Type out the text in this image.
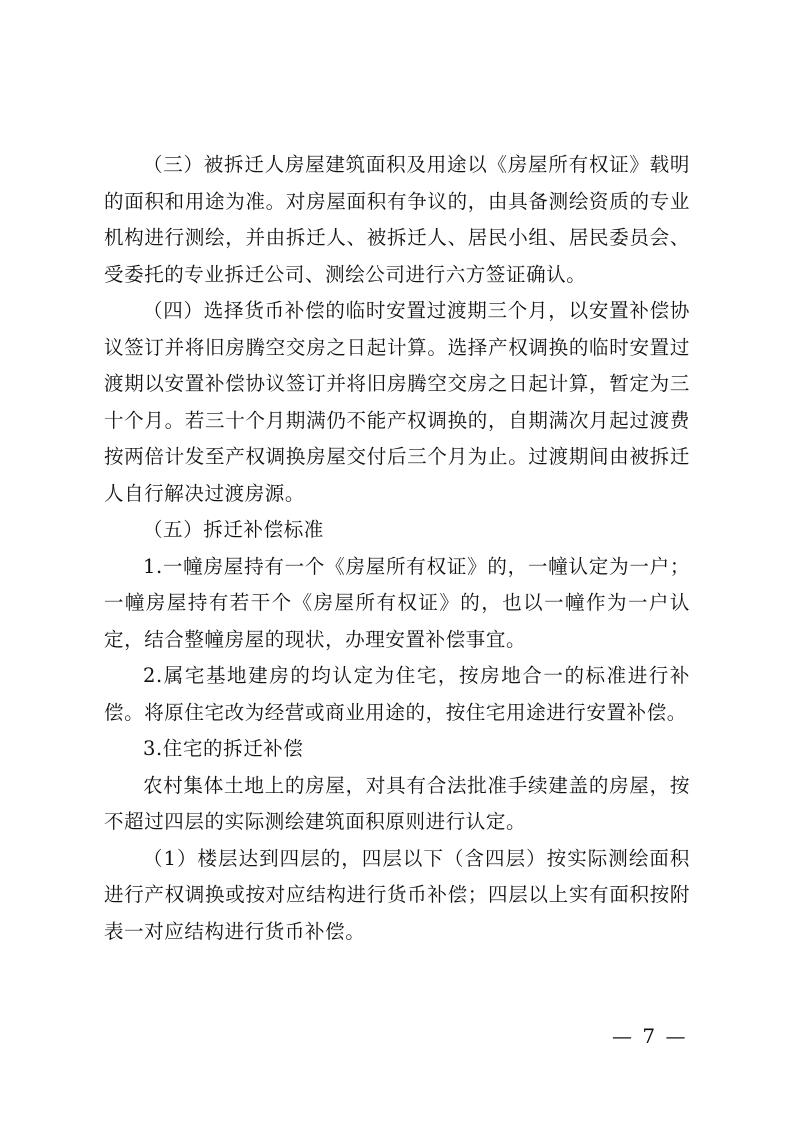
（三）被拆迁人房屋建筑面积及用途以《房屋所有权证》载明的面积和用途为准。对房屋面积有争议的，由具备测绘资质的专业机构进行测绘，并由拆迁人、被拆迁人、居民小组、居民委员会、受委托的专业拆迁公司、测绘公司进行六方签证确认。

（四）选择货币补偿的临时安置过渡期三个月，以安置补偿协议签订并将旧房腾空交房之日起计算。选择产权调换的临时安置过渡期以安置补偿协议签订并将旧房腾空交房之日起计算，暂定为三十个月。若三十个月期满仍不能产权调换的，自期满次月起过渡费按两倍计发至产权调换房屋交付后三个月为止。过渡期间由被拆迁人自行解决过渡房源。

（五）拆迁补偿标准

1.一幢房屋持有一个《房屋所有权证》的，一幢认定为一户；一幢房屋持有若干个《房屋所有权证》的，也以一幢作为一户认定，结合整幢房屋的现状，办理安置补偿事宜。

2.属宅基地建房的均认定为住宅，按房地合一的标准进行补偿。将原住宅改为经营或商业用途的，按住宅用途进行安置补偿。

3.住宅的拆迁补偿

农村集体土地上的房屋，对具有合法批准手续建盖的房屋，按不超过四层的实际测绘建筑面积原则进行认定。

（1）楼层达到四层的，四层以下（含四层）按实际测绘面积进行产权调换或按对应结构进行货币补偿；四层以上实有面积按附表一对应结构进行货币补偿。

— 7 —
